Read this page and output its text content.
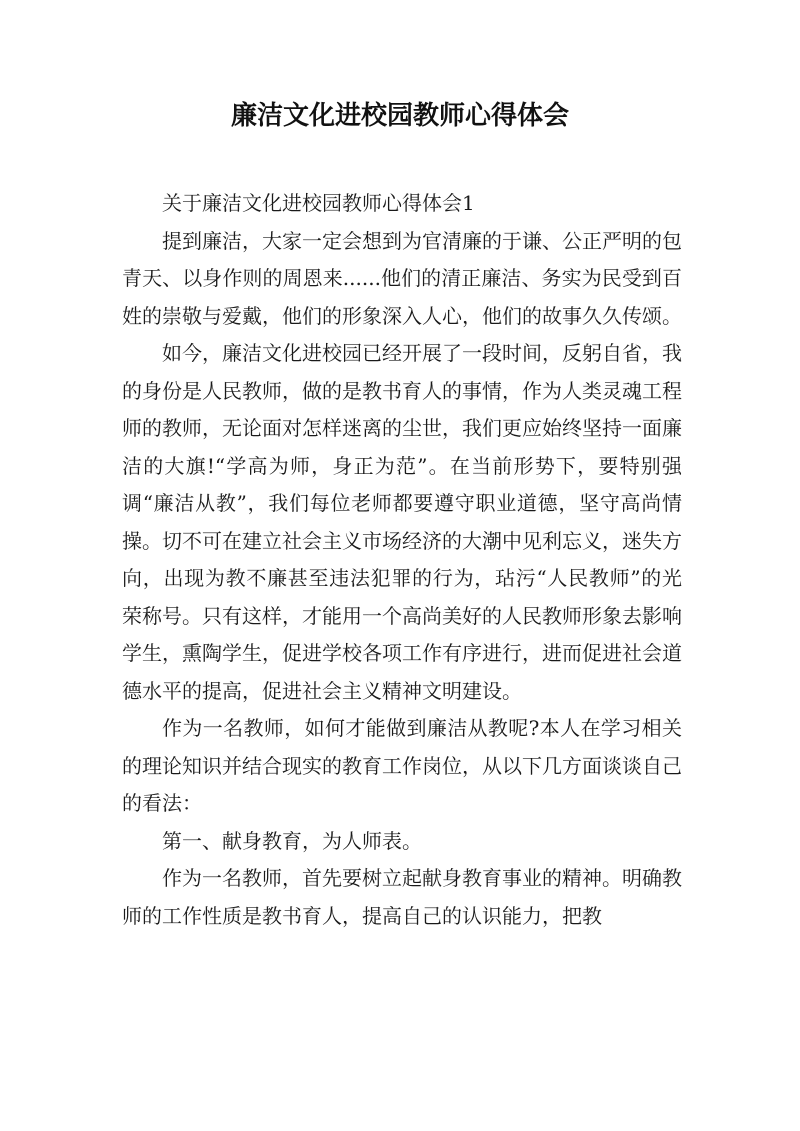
廉洁文化进校园教师心得体会

关于廉洁文化进校园教师心得体会1

提到廉洁，大家一定会想到为官清廉的于谦、公正严明的包青天、以身作则的周恩来......他们的清正廉洁、务实为民受到百姓的崇敬与爱戴，他们的形象深入人心，他们的故事久久传颂。

如今，廉洁文化进校园已经开展了一段时间，反躬自省，我的身份是人民教师，做的是教书育人的事情，作为人类灵魂工程师的教师，无论面对怎样迷离的尘世，我们更应始终坚持一面廉洁的大旗!“学高为师，身正为范”。在当前形势下，要特别强调“廉洁从教”，我们每位老师都要遵守职业道德，坚守高尚情操。切不可在建立社会主义市场经济的大潮中见利忘义，迷失方向，出现为教不廉甚至违法犯罪的行为，玷污“人民教师”的光荣称号。只有这样，才能用一个高尚美好的人民教师形象去影响学生，熏陶学生，促进学校各项工作有序进行，进而促进社会道德水平的提高，促进社会主义精神文明建设。

作为一名教师，如何才能做到廉洁从教呢?本人在学习相关的理论知识并结合现实的教育工作岗位，从以下几方面谈谈自己的看法：

第一、献身教育，为人师表。

作为一名教师，首先要树立起献身教育事业的精神。明确教师的工作性质是教书育人，提高自己的认识能力，把教
